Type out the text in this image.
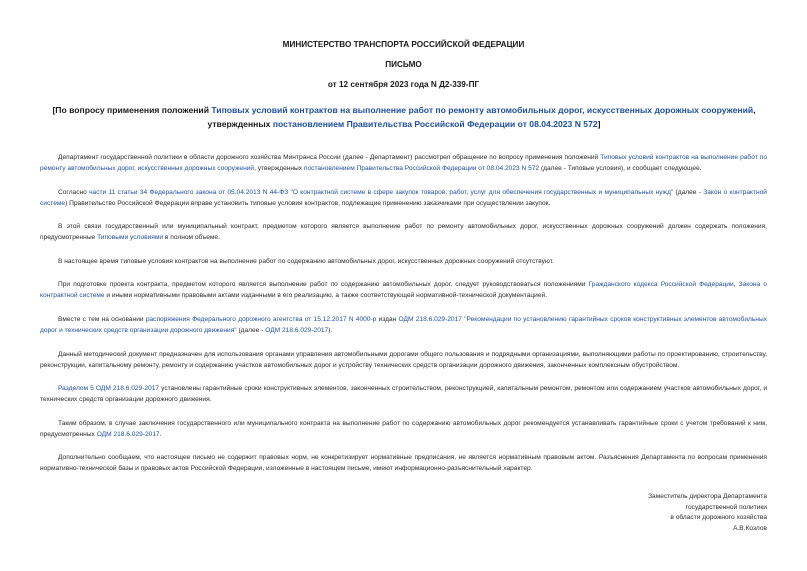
МИНИСТЕРСТВО ТРАНСПОРТА РОССИЙСКОЙ ФЕДЕРАЦИИ
ПИСЬМО
от 12 сентября 2023 года N Д2-339-ПГ
[По вопросу применения положений Типовых условий контрактов на выполнение работ по ремонту автомобильных дорог, искусственных дорожных сооружений, утвержденных постановлением Правительства Российской Федерации от 08.04.2023 N 572]

Департамент государственной политики в области дорожного хозяйства Минтранса России (далее - Департамент) рассмотрел обращение по вопросу применения положений Типовых условий контрактов на выполнение работ по ремонту автомобильных дорог, искусственных дорожных сооружений, утвержденных постановлением Правительства Российской Федерации от 08.04.2023 N 572 (далее - Типовые условия), и сообщает следующее.

Согласно части 11 статьи 34 Федерального закона от 05.04.2013 N 44-ФЗ "О контрактной системе в сфере закупок товаров, работ, услуг для обеспечения государственных и муниципальных нужд" (далее - Закон о контрактной системе) Правительство Российской Федерации вправе установить типовые условия контрактов, подлежащие применению заказчиками при осуществлении закупок.

В этой связи государственный или муниципальный контракт, предметом которого является выполнение работ по ремонту автомобильных дорог, искусственных дорожных сооружений должен содержать положения, предусмотренные Типовыми условиями в полном объеме.

В настоящее время типовые условия контрактов на выполнение работ по содержанию автомобильных дорог, искусственных дорожных сооружений отсутствуют.

При подготовке проекта контракта, предметом которого является выполнение работ по содержанию автомобильных дорог, следует руководствоваться положениями Гражданского кодекса Российской Федерации, Закона о контрактной системе и иными нормативными правовыми актами изданными в его реализацию, а также соответствующей нормативной-технической документацией.

Вместе с тем на основании распоряжения Федерального дорожного агентства от 15.12.2017 N 4000-р издан ОДМ 218.6.029-2017 "Рекомендации по установлению гарантийных сроков конструктивных элементов автомобильных дорог и технических средств организации дорожного движения" (далее - ОДМ 218.6.029-2017).

Данный методический документ предназначен для использования органами управления автомобильными дорогами общего пользования и подрядными организациями, выполняющими работы по проектированию, строительству, реконструкции, капитальному ремонту, ремонту и содержанию участков автомобильных дорог и устройству технических средств организации дорожного движения, законченных комплексным обустройством.

Разделом 5 ОДМ 218.6.029-2017 установлены гарантийные сроки конструктивных элементов, законченных строительством, реконструкцией, капитальным ремонтом, ремонтом или содержанием участков автомобильных дорог, и технических средств организации дорожного движения.

Таким образом, в случае заключения государственного или муниципального контракта на выполнение работ по содержанию автомобильных дорог рекомендуется устанавливать гарантийные сроки с учетом требований к ним, предусмотренных ОДМ 218.6.029-2017.

Дополнительно сообщаем, что настоящее письмо не содержит правовых норм, не конкретизирует нормативные предписания, не является нормативным правовым актом. Разъяснения Департамента по вопросам применения нормативно-технической базы и правовых актов Российской Федерации, изложенные в настоящем письме, имеют информационно-разъяснительный характер.

Заместитель директора Департамента
государственной политики
в области дорожного хозяйства
А.В.Козлов
